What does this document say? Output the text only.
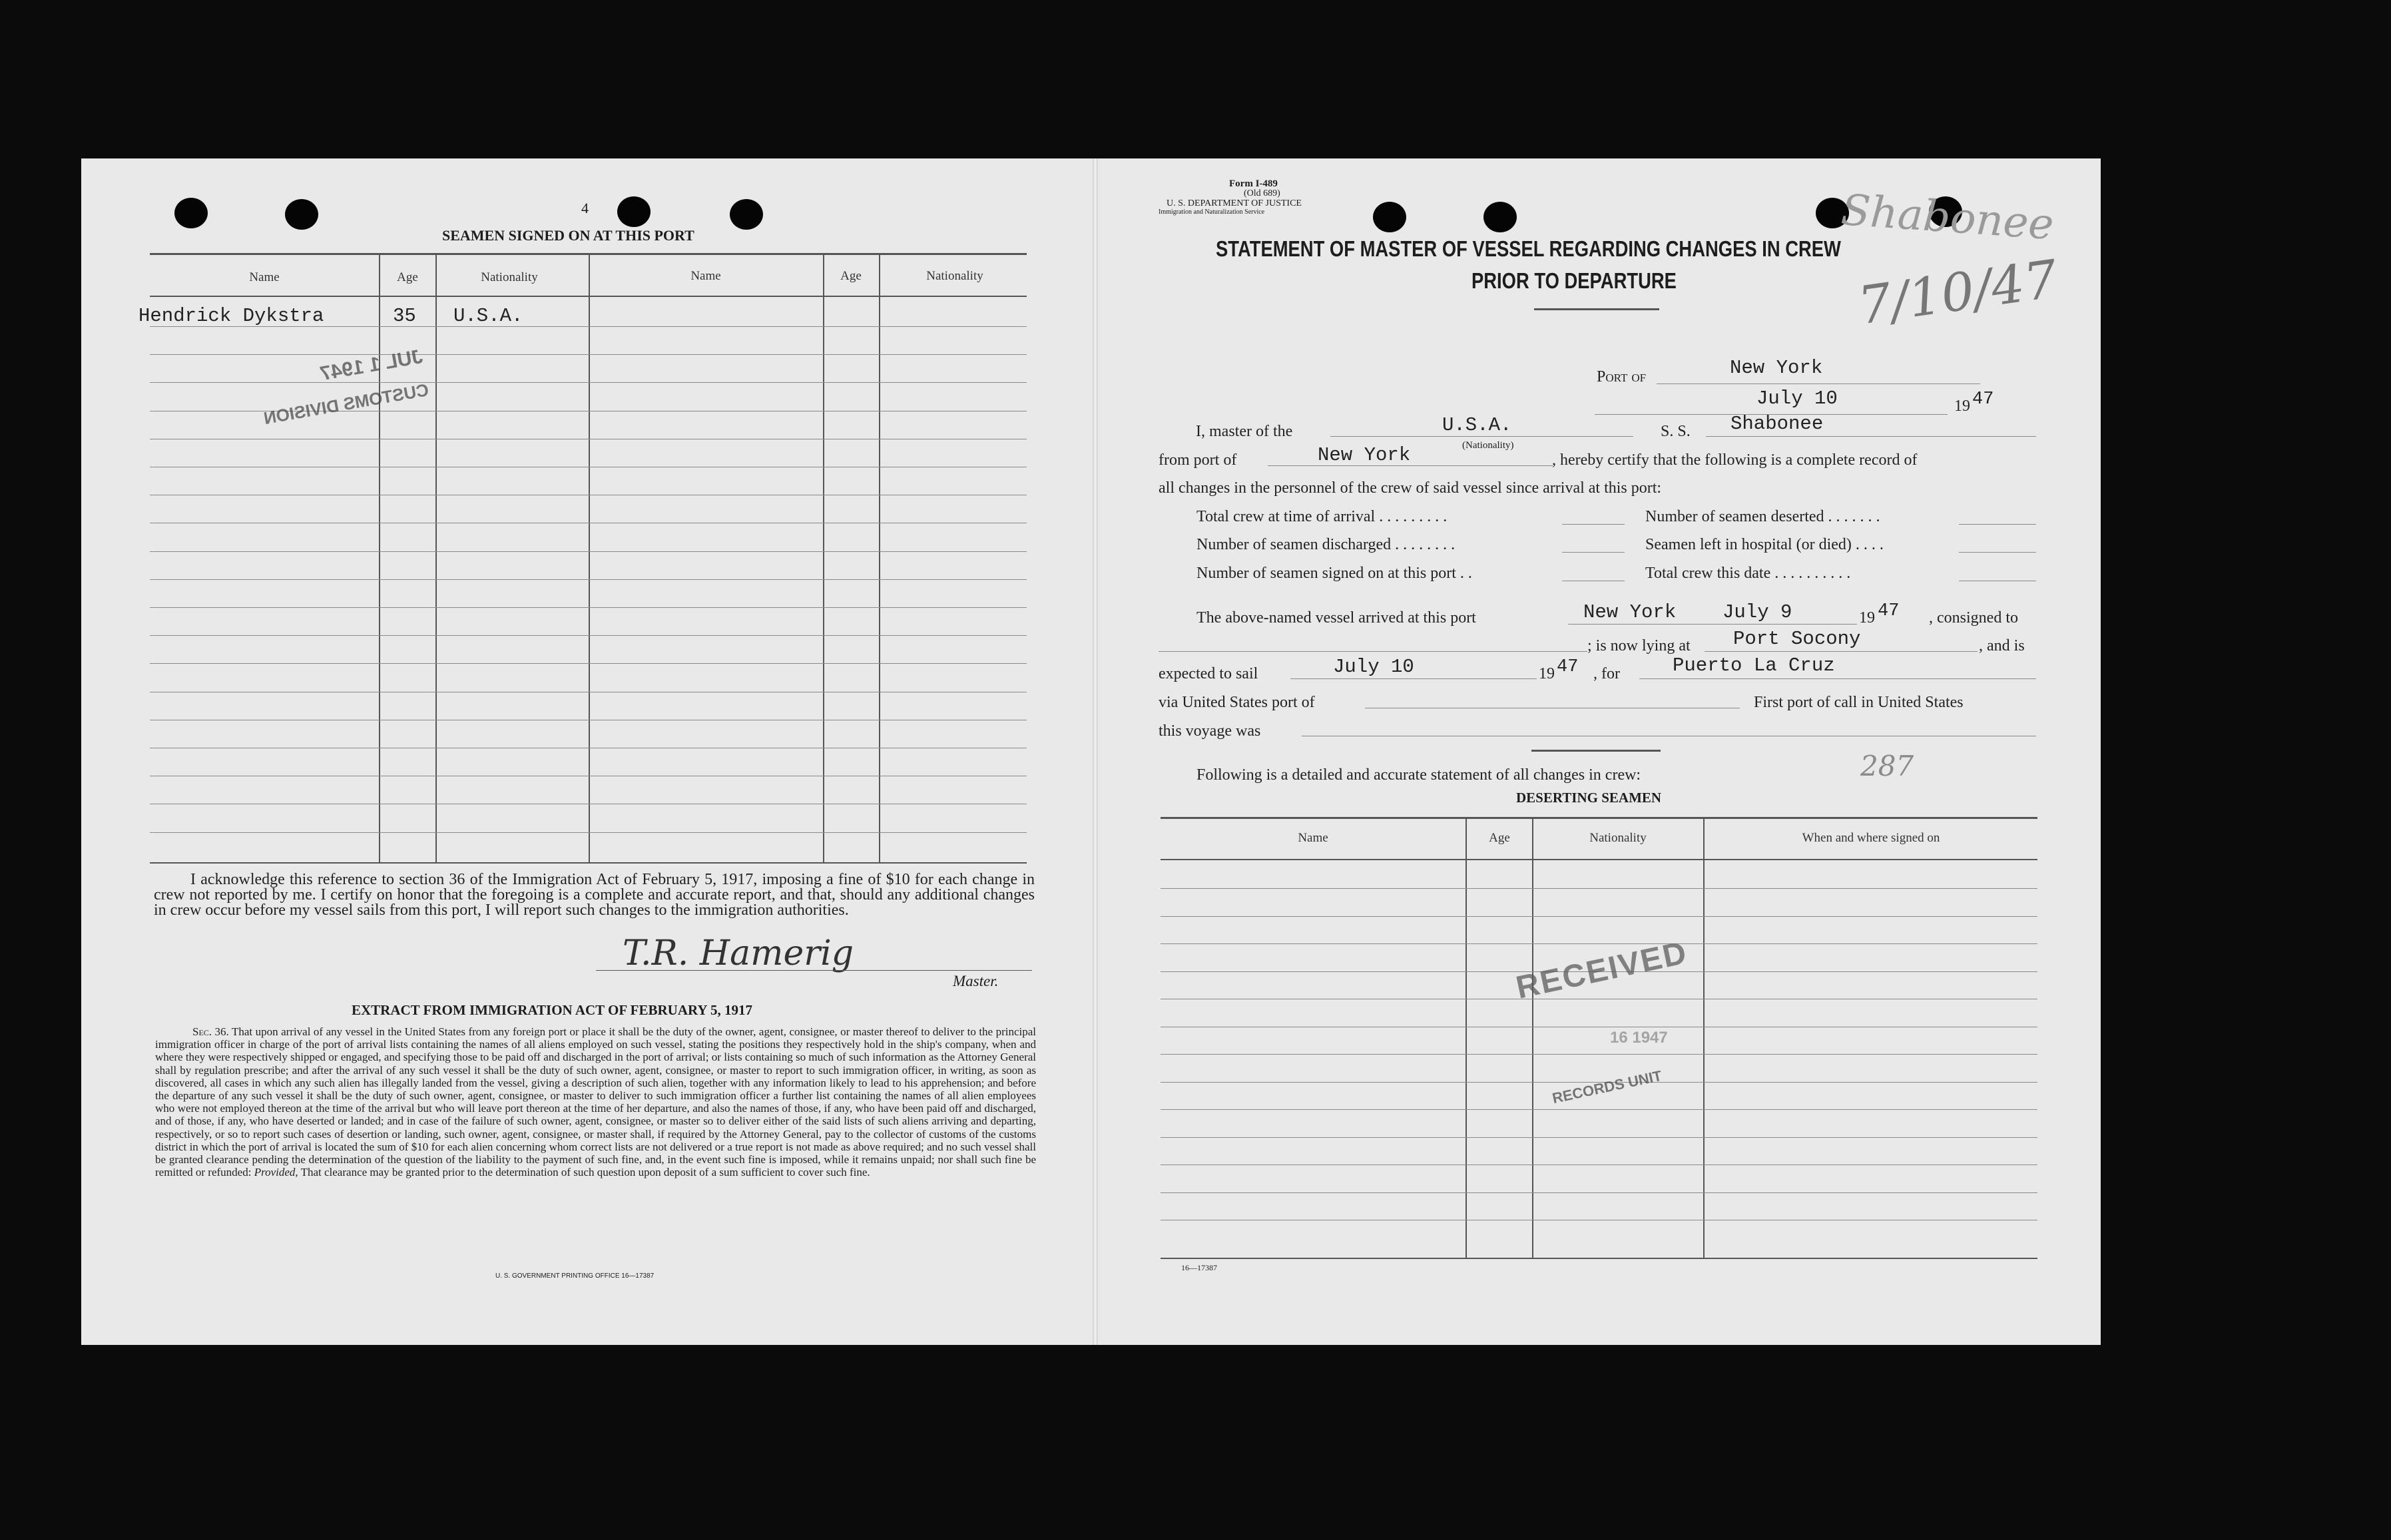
4
SEAMEN SIGNED ON AT THIS PORT
Name	Age	Nationality	Name	Age	Nationality
Hendrick Dykstra	35 U.S.A.
JUL 1 1947
CUSTOMS DIVISION
I acknowledge this reference to section 36 of the Immigration Act of February 5, 1917, imposing a fine of $10 for each change in crew not reported by me. I certify on honor that the foregoing is a complete and accurate report, and that, should any additional changes in crew occur before my vessel sails from this port, I will report such changes to the immigration authorities.
T.R. Hamerig
Master.
EXTRACT FROM IMMIGRATION ACT OF FEBRUARY 5, 1917
Sec. 36. That upon arrival of any vessel in the United States from any foreign port or place it shall be the duty of the owner, agent, consignee, or master thereof to deliver to the principal immigration officer in charge of the port of arrival lists containing the names of all aliens employed on such vessel, stating the positions they respectively hold in the ship's company, when and where they were respectively shipped or engaged, and specifying those to be paid off and discharged in the port of arrival; or lists containing so much of such information as the Attorney General shall by regulation prescribe; and after the arrival of any such vessel it shall be the duty of such owner, agent, consignee, or master to report to such immigration officer, in writing, as soon as discovered, all cases in which any such alien has illegally landed from the vessel, giving a description of such alien, together with any information likely to lead to his apprehension; and before the departure of any such vessel it shall be the duty of such owner, agent, consignee, or master to deliver to such immigration officer a further list containing the names of all alien employees who were not employed thereon at the time of the arrival but who will leave port thereon at the time of her departure, and also the names of those, if any, who have been paid off and discharged, and of those, if any, who have deserted or landed; and in case of the failure of such owner, agent, consignee, or master so to deliver either of the said lists of such aliens arriving and departing, respectively, or so to report such cases of desertion or landing, such owner, agent, consignee, or master shall, if required by the Attorney General, pay to the collector of customs of the customs district in which the port of arrival is located the sum of $10 for each alien concerning whom correct lists are not delivered or a true report is not made as above required; and no such vessel shall be granted clearance pending the determination of the question of the liability to the payment of such fine, and, in the event such fine is imposed, while it remains unpaid; nor shall such fine be remitted or refunded: Provided, That clearance may be granted prior to the determination of such question upon deposit of a sum sufficient to cover such fine.
U. S. GOVERNMENT PRINTING OFFICE 16—17387
Form I-489
(Old 689)
U. S. DEPARTMENT OF JUSTICE
Immigration and Naturalization Service
STATEMENT OF MASTER OF VESSEL REGARDING CHANGES IN CREW
PRIOR TO DEPARTURE
Shabonee
7/10/47
Port of	New York
July 10	19 47
I, master of the	U.S.A.
(Nationality)
S. S. Shabonee
from port of	New York	, hereby certify that the following is a complete record of
all changes in the personnel of the crew of said vessel since arrival at this port:
Total crew at time of arrival . . . . . . . . .
Number of seamen discharged . . . . . . . .
Number of seamen signed on at this port . .
Number of seamen deserted . . . . . . .
Seamen left in hospital (or died) . . . .
Total crew this date . . . . . . . . . .
The above-named vessel arrived at this port	New York July 9	19 47 , consigned to
; is now lying at Port Socony	, and is
expected to sail	July 10	19 47 , for	Puerto La Cruz
via United States port of	First port of call in United States
this voyage was
Following is a detailed and accurate statement of all changes in crew:	287
DESERTING SEAMEN
Name	Age	Nationality	When and where signed on
RECEIVED
16 1947
RECORDS UNIT
16—17387
